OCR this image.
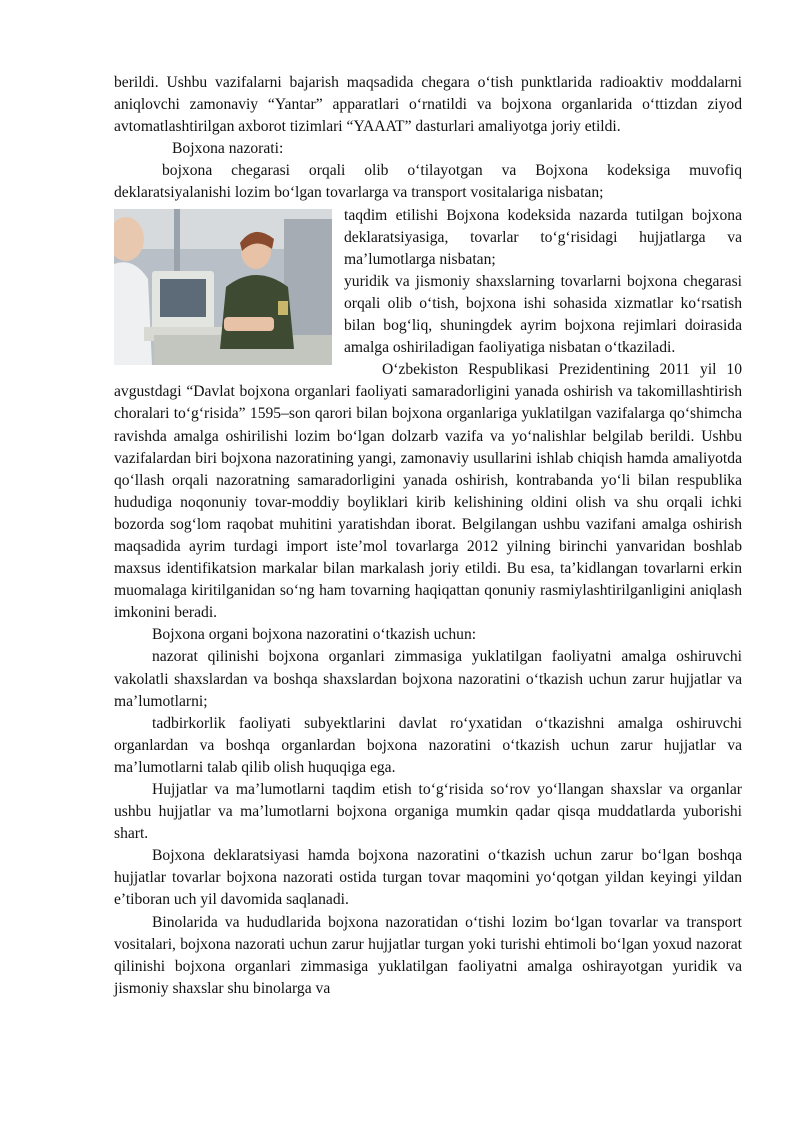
berildi. Ushbu vazifalarni bajarish maqsadida chegara o‘tish punktlarida radioaktiv moddalarni aniqlovchi zamonaviy “Yantar” apparatlari o‘rnatildi va bojxona organlarida o‘ttizdan ziyod avtomatlashtirilgan axborot tizimlari “YAAAT” dasturlari amaliyotga joriy etildi.

Bojxona nazorati:

bojxona chegarasi orqali olib o‘tilayotgan va Bojxona kodeksiga muvofiq deklaratsiyalanishi lozim bo‘lgan tovarlarga va transport vositalariga nisbatan;

taqdim etilishi Bojxona kodeksida nazarda tutilgan bojxona deklaratsiyasiga, tovarlar to‘g‘risidagi hujjatlarga va ma’lumotlarga nisbatan;

yuridik va jismoniy shaxslarning tovarlarni bojxona chegarasi orqali olib o‘tish, bojxona ishi sohasida xizmatlar ko‘rsatish bilan bog‘liq, shuningdek ayrim bojxona rejimlari doirasida amalga oshiriladigan faoliyatiga nisbatan o‘tkaziladi.

O‘zbekiston Respublikasi Prezidentining 2011 yil 10 avgustdagi “Davlat bojxona organlari faoliyati samaradorligini yanada oshirish va takomillashtirish choralari to‘g‘risida” 1595–son qarori bilan bojxona organlariga yuklatilgan vazifalarga qo‘shimcha ravishda amalga oshirilishi lozim bo‘lgan dolzarb vazifa va yo‘nalishlar belgilab berildi. Ushbu vazifalardan biri bojxona nazoratining yangi, zamonaviy usullarini ishlab chiqish hamda amaliyotda qo‘llash orqali nazoratning samaradorligini yanada oshirish, kontrabanda yo‘li bilan respublika hududiga noqonuniy tovar-moddiy boyliklari kirib kelishining oldini olish va shu orqali ichki bozorda sog‘lom raqobat muhitini yaratishdan iborat. Belgilangan ushbu vazifani amalga oshirish maqsadida ayrim turdagi import iste’mol tovarlarga 2012 yilning birinchi yanvaridan boshlab maxsus identifikatsion markalar bilan markalash joriy etildi. Bu esa, ta’kidlangan tovarlarni erkin muomalaga kiritilganidan so‘ng ham tovarning haqiqattan qonuniy rasmiylashtirilganligini aniqlash imkonini beradi.

Bojxona organi bojxona nazoratini o‘tkazish uchun:

nazorat qilinishi bojxona organlari zimmasiga yuklatilgan faoliyatni amalga oshiruvchi vakolatli shaxslardan va boshqa shaxslardan bojxona nazoratini o‘tkazish uchun zarur hujjatlar va ma’lumotlarni;

tadbirkorlik faoliyati subyektlarini davlat ro‘yxatidan o‘tkazishni amalga oshiruvchi organlardan va boshqa organlardan bojxona nazoratini o‘tkazish uchun zarur hujjatlar va ma’lumotlarni talab qilib olish huquqiga ega.

Hujjatlar va ma’lumotlarni taqdim etish to‘g‘risida so‘rov yo‘llangan shaxslar va organlar ushbu hujjatlar va ma’lumotlarni bojxona organiga mumkin qadar qisqa muddatlarda yuborishi shart.

Bojxona deklaratsiyasi hamda bojxona nazoratini o‘tkazish uchun zarur bo‘lgan boshqa hujjatlar tovarlar bojxona nazorati ostida turgan tovar maqomini yo‘qotgan yildan keyingi yildan e’tiboran uch yil davomida saqlanadi.

Binolarida va hududlarida bojxona nazoratidan o‘tishi lozim bo‘lgan tovarlar va transport vositalari, bojxona nazorati uchun zarur hujjatlar turgan yoki turishi ehtimoli bo‘lgan yoxud nazorat qilinishi bojxona organlari zimmasiga yuklatilgan faoliyatni amalga oshirayotgan yuridik va jismoniy shaxslar shu binolarga va
